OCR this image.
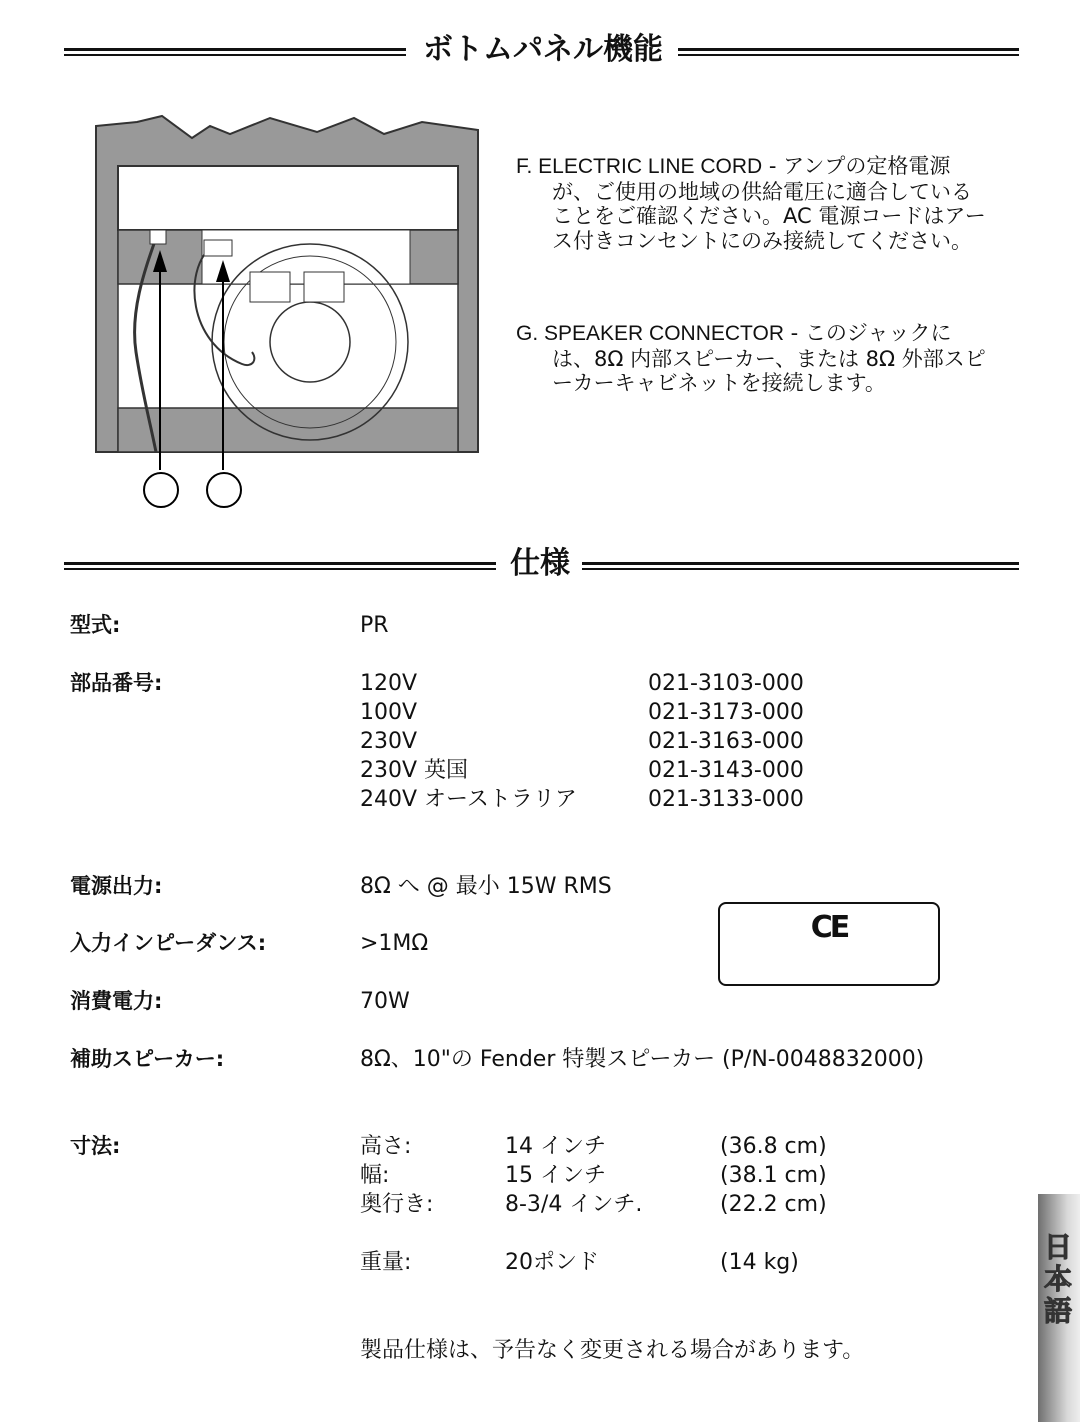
ボトムパネル機能

F. ELECTRIC LINE CORD - アンプの定格電源が、ご使用の地域の供給電圧に適合していることをご確認ください。AC 電源コードはアース付きコンセントにのみ接続してください。

G. SPEAKER CONNECTOR - このジャックには、8Ω 内部スピーカー、または 8Ω 外部スピーカーキャビネットを接続します。

仕様
型式:	PR
部品番号:	120V	021-3103-000
100V	021-3173-000
230V	021-3163-000
230V 英国	021-3143-000
240V オーストラリア	021-3133-000
電源出力:	8Ω へ @ 最小 15W RMS
入力インピーダンス:	>1MΩ
消費電力:	70W
補助スピーカー:	8Ω、10"の Fender 特製スピーカー (P/N-0048832000)
寸法:	高さ:	14 インチ	(36.8 cm)
幅:	15 インチ	(38.1 cm)
奥行き:	8-3/4 インチ.	(22.2 cm)
重量:	20ポンド	(14 kg)
製品仕様は、予告なく変更される場合があります。
CE
日本語
